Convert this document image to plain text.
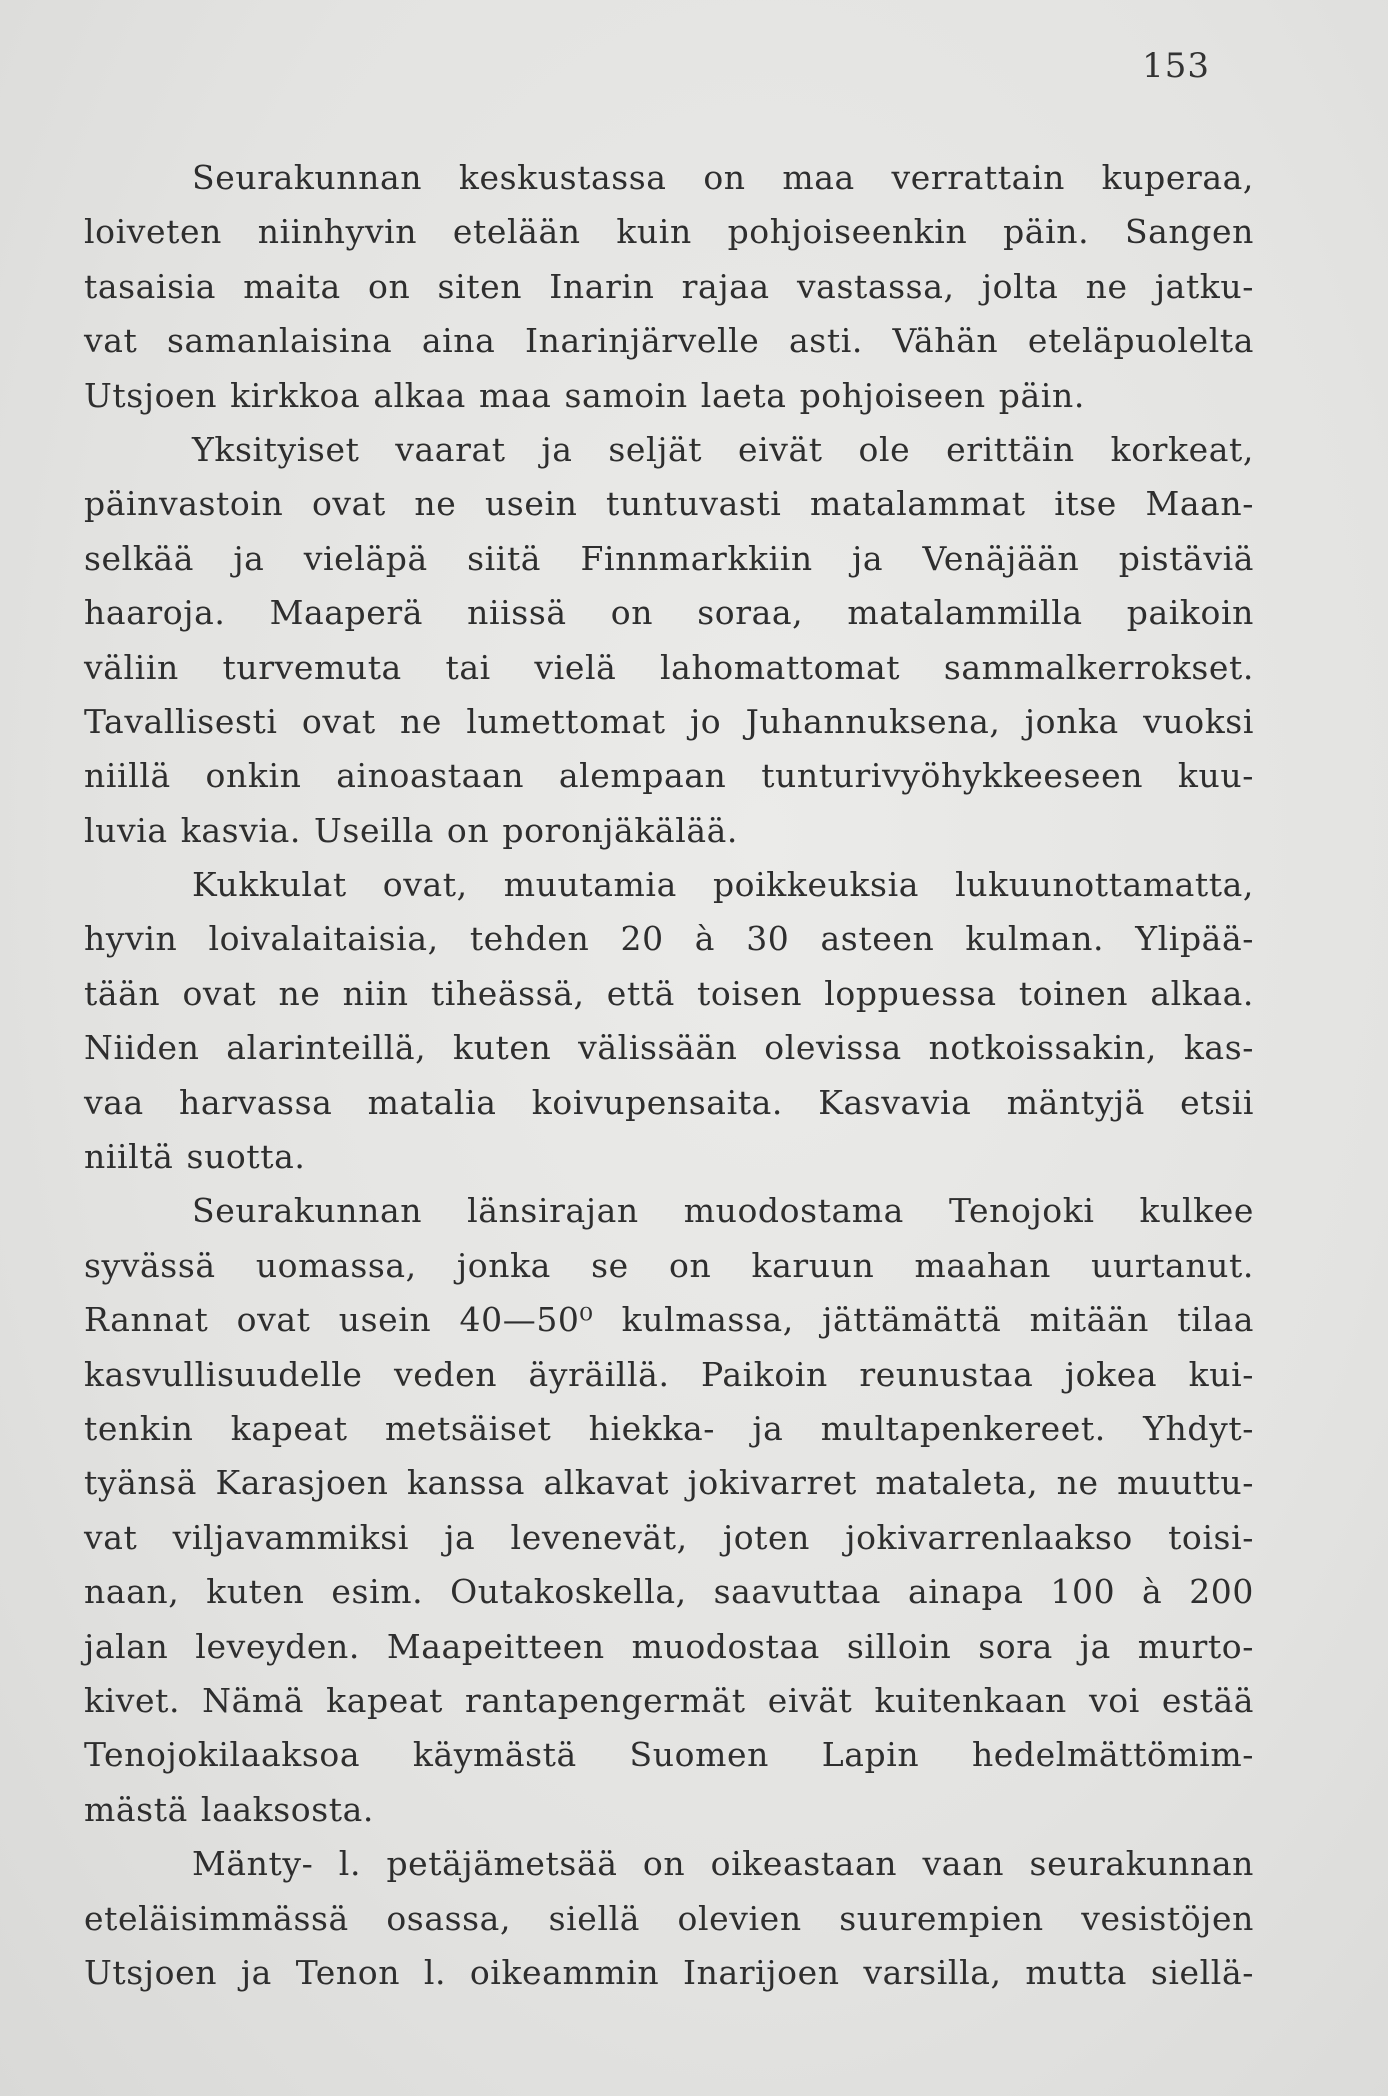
153
Seurakunnan keskustassa on maa verrattain kuperaa,
loiveten niinhyvin etelään kuin pohjoiseenkin päin. Sangen
tasaisia maita on siten Inarin rajaa vastassa, jolta ne jatku-
vat samanlaisina aina Inarinjärvelle asti. Vähän eteläpuolelta
Utsjoen kirkkoa alkaa maa samoin laeta pohjoiseen päin.
Yksityiset vaarat ja seljät eivät ole erittäin korkeat,
päinvastoin ovat ne usein tuntuvasti matalammat itse Maan-
selkää ja vieläpä siitä Finnmarkkiin ja Venäjään pistäviä
haaroja. Maaperä niissä on soraa, matalammilla paikoin
väliin turvemuta tai vielä lahomattomat sammalkerrokset.
Tavallisesti ovat ne lumettomat jo Juhannuksena, jonka vuoksi
niillä onkin ainoastaan alempaan tunturivyöhykkeeseen kuu-
luvia kasvia. Useilla on poronjäkälää.
Kukkulat ovat, muutamia poikkeuksia lukuunottamatta,
hyvin loivalaitaisia, tehden 20 à 30 asteen kulman. Ylipää-
tään ovat ne niin tiheässä, että toisen loppuessa toinen alkaa.
Niiden alarinteillä, kuten välissään olevissa notkoissakin, kas-
vaa harvassa matalia koivupensaita. Kasvavia mäntyjä etsii
niiltä suotta.
Seurakunnan länsirajan muodostama Tenojoki kulkee
syvässä uomassa, jonka se on karuun maahan uurtanut.
Rannat ovat usein 40—50⁰ kulmassa, jättämättä mitään tilaa
kasvullisuudelle veden äyräillä. Paikoin reunustaa jokea kui-
tenkin kapeat metsäiset hiekka- ja multapenkereet. Yhdyt-
tyänsä Karasjoen kanssa alkavat jokivarret mataleta, ne muuttu-
vat viljavammiksi ja levenevät, joten jokivarrenlaakso toisi-
naan, kuten esim. Outakoskella, saavuttaa ainapa 100 à 200
jalan leveyden. Maapeitteen muodostaa silloin sora ja murto-
kivet. Nämä kapeat rantapengermät eivät kuitenkaan voi estää
Tenojokilaaksoa käymästä Suomen Lapin hedelmättömim-
mästä laaksosta.
Mänty- l. petäjämetsää on oikeastaan vaan seurakunnan
eteläisimmässä osassa, siellä olevien suurempien vesistöjen
Utsjoen ja Tenon l. oikeammin Inarijoen varsilla, mutta siellä-
